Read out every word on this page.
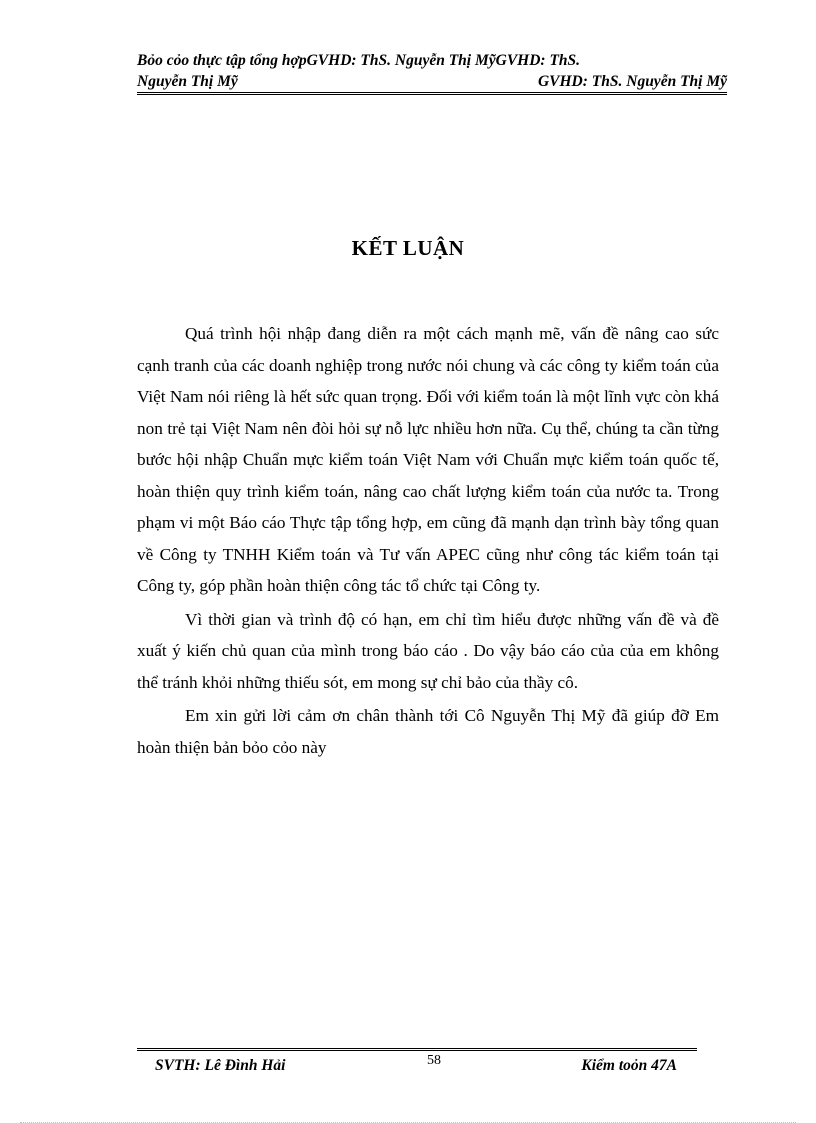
Bỏo cỏo thực tập tổng hợpGVHD: ThS. Nguyễn Thị MỹGVHD: ThS.
Nguyễn Thị Mỹ	GVHD: ThS. Nguyễn Thị Mỹ
KẾT LUẬN

Quá trình hội nhập đang diễn ra một cách mạnh mẽ, vấn đề nâng cao sức cạnh tranh của các doanh nghiệp trong nước nói chung và các công ty kiểm toán của Việt Nam nói riêng là hết sức quan trọng. Đối với kiểm toán là một lĩnh vực còn khá non trẻ tại Việt Nam nên đòi hỏi sự nỗ lực nhiều hơn nữa. Cụ thể, chúng ta cần từng bước hội nhập Chuẩn mực kiểm toán Việt Nam với Chuẩn mực kiểm toán quốc tế, hoàn thiện quy trình kiểm toán, nâng cao chất lượng kiểm toán của nước ta. Trong phạm vi một Báo cáo Thực tập tổng hợp, em cũng đã mạnh dạn trình bày tổng quan về Công ty TNHH Kiểm toán và Tư vấn APEC cũng như công tác kiểm toán tại Công ty, góp phần hoàn thiện công tác tổ chức tại Công ty.

Vì thời gian và trình độ có hạn, em chỉ tìm hiểu được những vấn đề và đề xuất ý kiến chủ quan của mình trong báo cáo . Do vậy báo cáo của của em không thể tránh khỏi những thiếu sót, em mong sự chỉ bảo của thầy cô.

Em xin gửi lời cảm ơn chân thành tới Cô Nguyễn Thị Mỹ đã giúp đỡ Em hoàn thiện bản bỏo cỏo này

SVTH: Lê Đình Hải	58	Kiểm toỏn 47A
